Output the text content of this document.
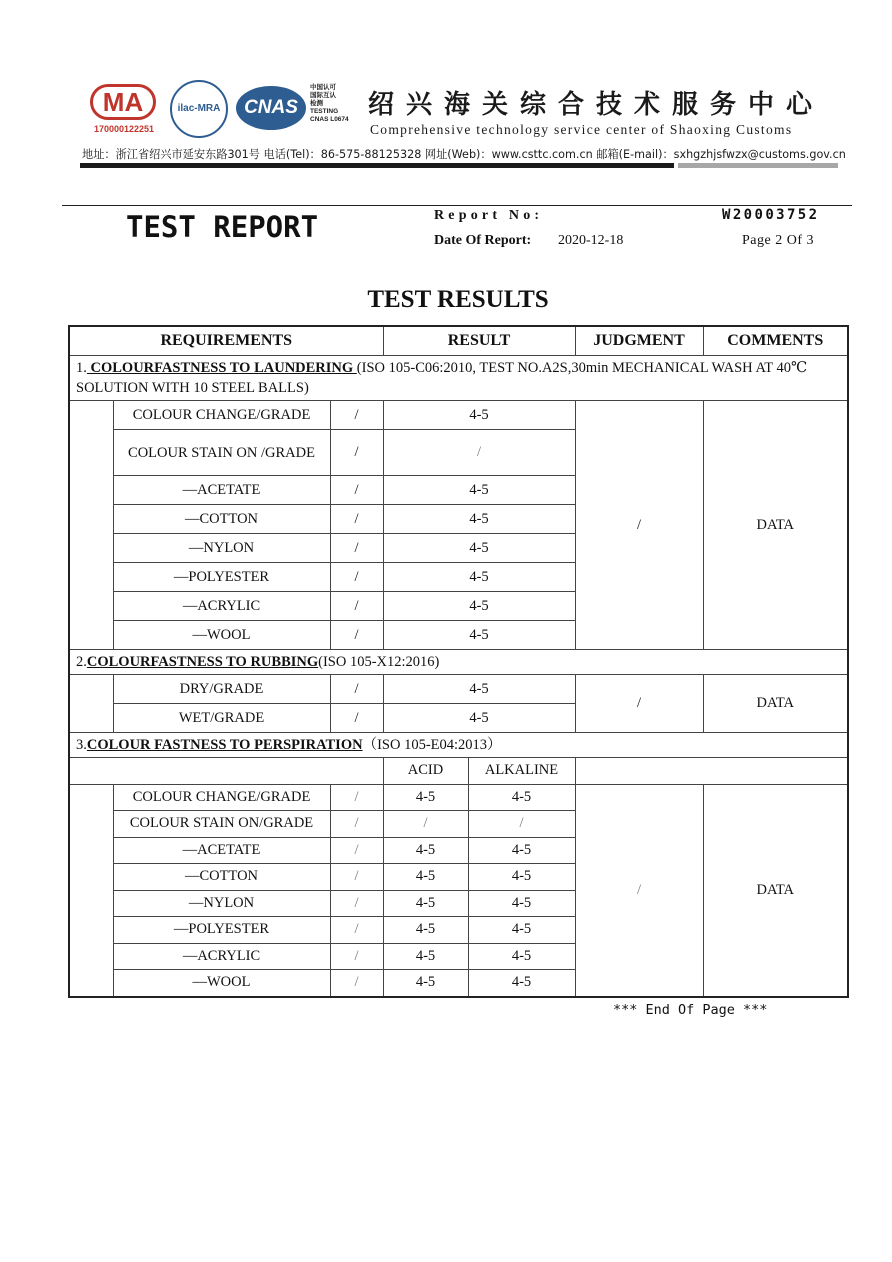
MA
170000122251
ilac-MRA	CNAS
中国认可
国际互认
检测
TESTING
CNAS L0674 绍兴海关综合技术服务中心
Comprehensive technology service center of Shaoxing Customs
地址：浙江省绍兴市延安东路301号 电话(Tel)：86-575-88125328 网址(Web)：www.csttc.com.cn 邮箱(E-mail)：sxhgzhjsfwzx@customs.gov.cn
TEST REPORT	Report No:	W20003752
Date Of Report: 2020-12-18	Page 2 Of 3
TEST RESULTS
REQUIREMENTS			RESULT		JUDGMENT	COMMENTS
1. COLOURFASTNESS TO LAUNDERING (ISO 105-C06:2010, TEST NO.A2S,30min MECHANICAL WASH AT 40℃ SOLUTION WITH 10 STEEL BALLS)						
	COLOUR CHANGE/GRADE	/	4-5		/	DATA
	COLOUR STAIN ON /GRADE	/	/			
	—ACETATE	/	4-5			
	—COTTON	/	4-5			
	—NYLON	/	4-5			
	—POLYESTER	/	4-5			
	—ACRYLIC	/	4-5			
	—WOOL	/	4-5			
2.COLOURFASTNESS TO RUBBING(ISO 105-X12:2016)						
	DRY/GRADE	/	4-5		/	DATA
	WET/GRADE	/	4-5			
3.COLOUR FASTNESS TO PERSPIRATION（ISO 105-E04:2013）						
			ACID	ALKALINE		
	COLOUR CHANGE/GRADE	/	4-5	4-5	/	DATA
	COLOUR STAIN ON/GRADE	/	/	/		
	—ACETATE	/	4-5	4-5		
	—COTTON	/	4-5	4-5		
	—NYLON	/	4-5	4-5		
	—POLYESTER	/	4-5	4-5		
	—ACRYLIC	/	4-5	4-5		
	—WOOL	/	4-5	4-5		
*** End Of Page ***
